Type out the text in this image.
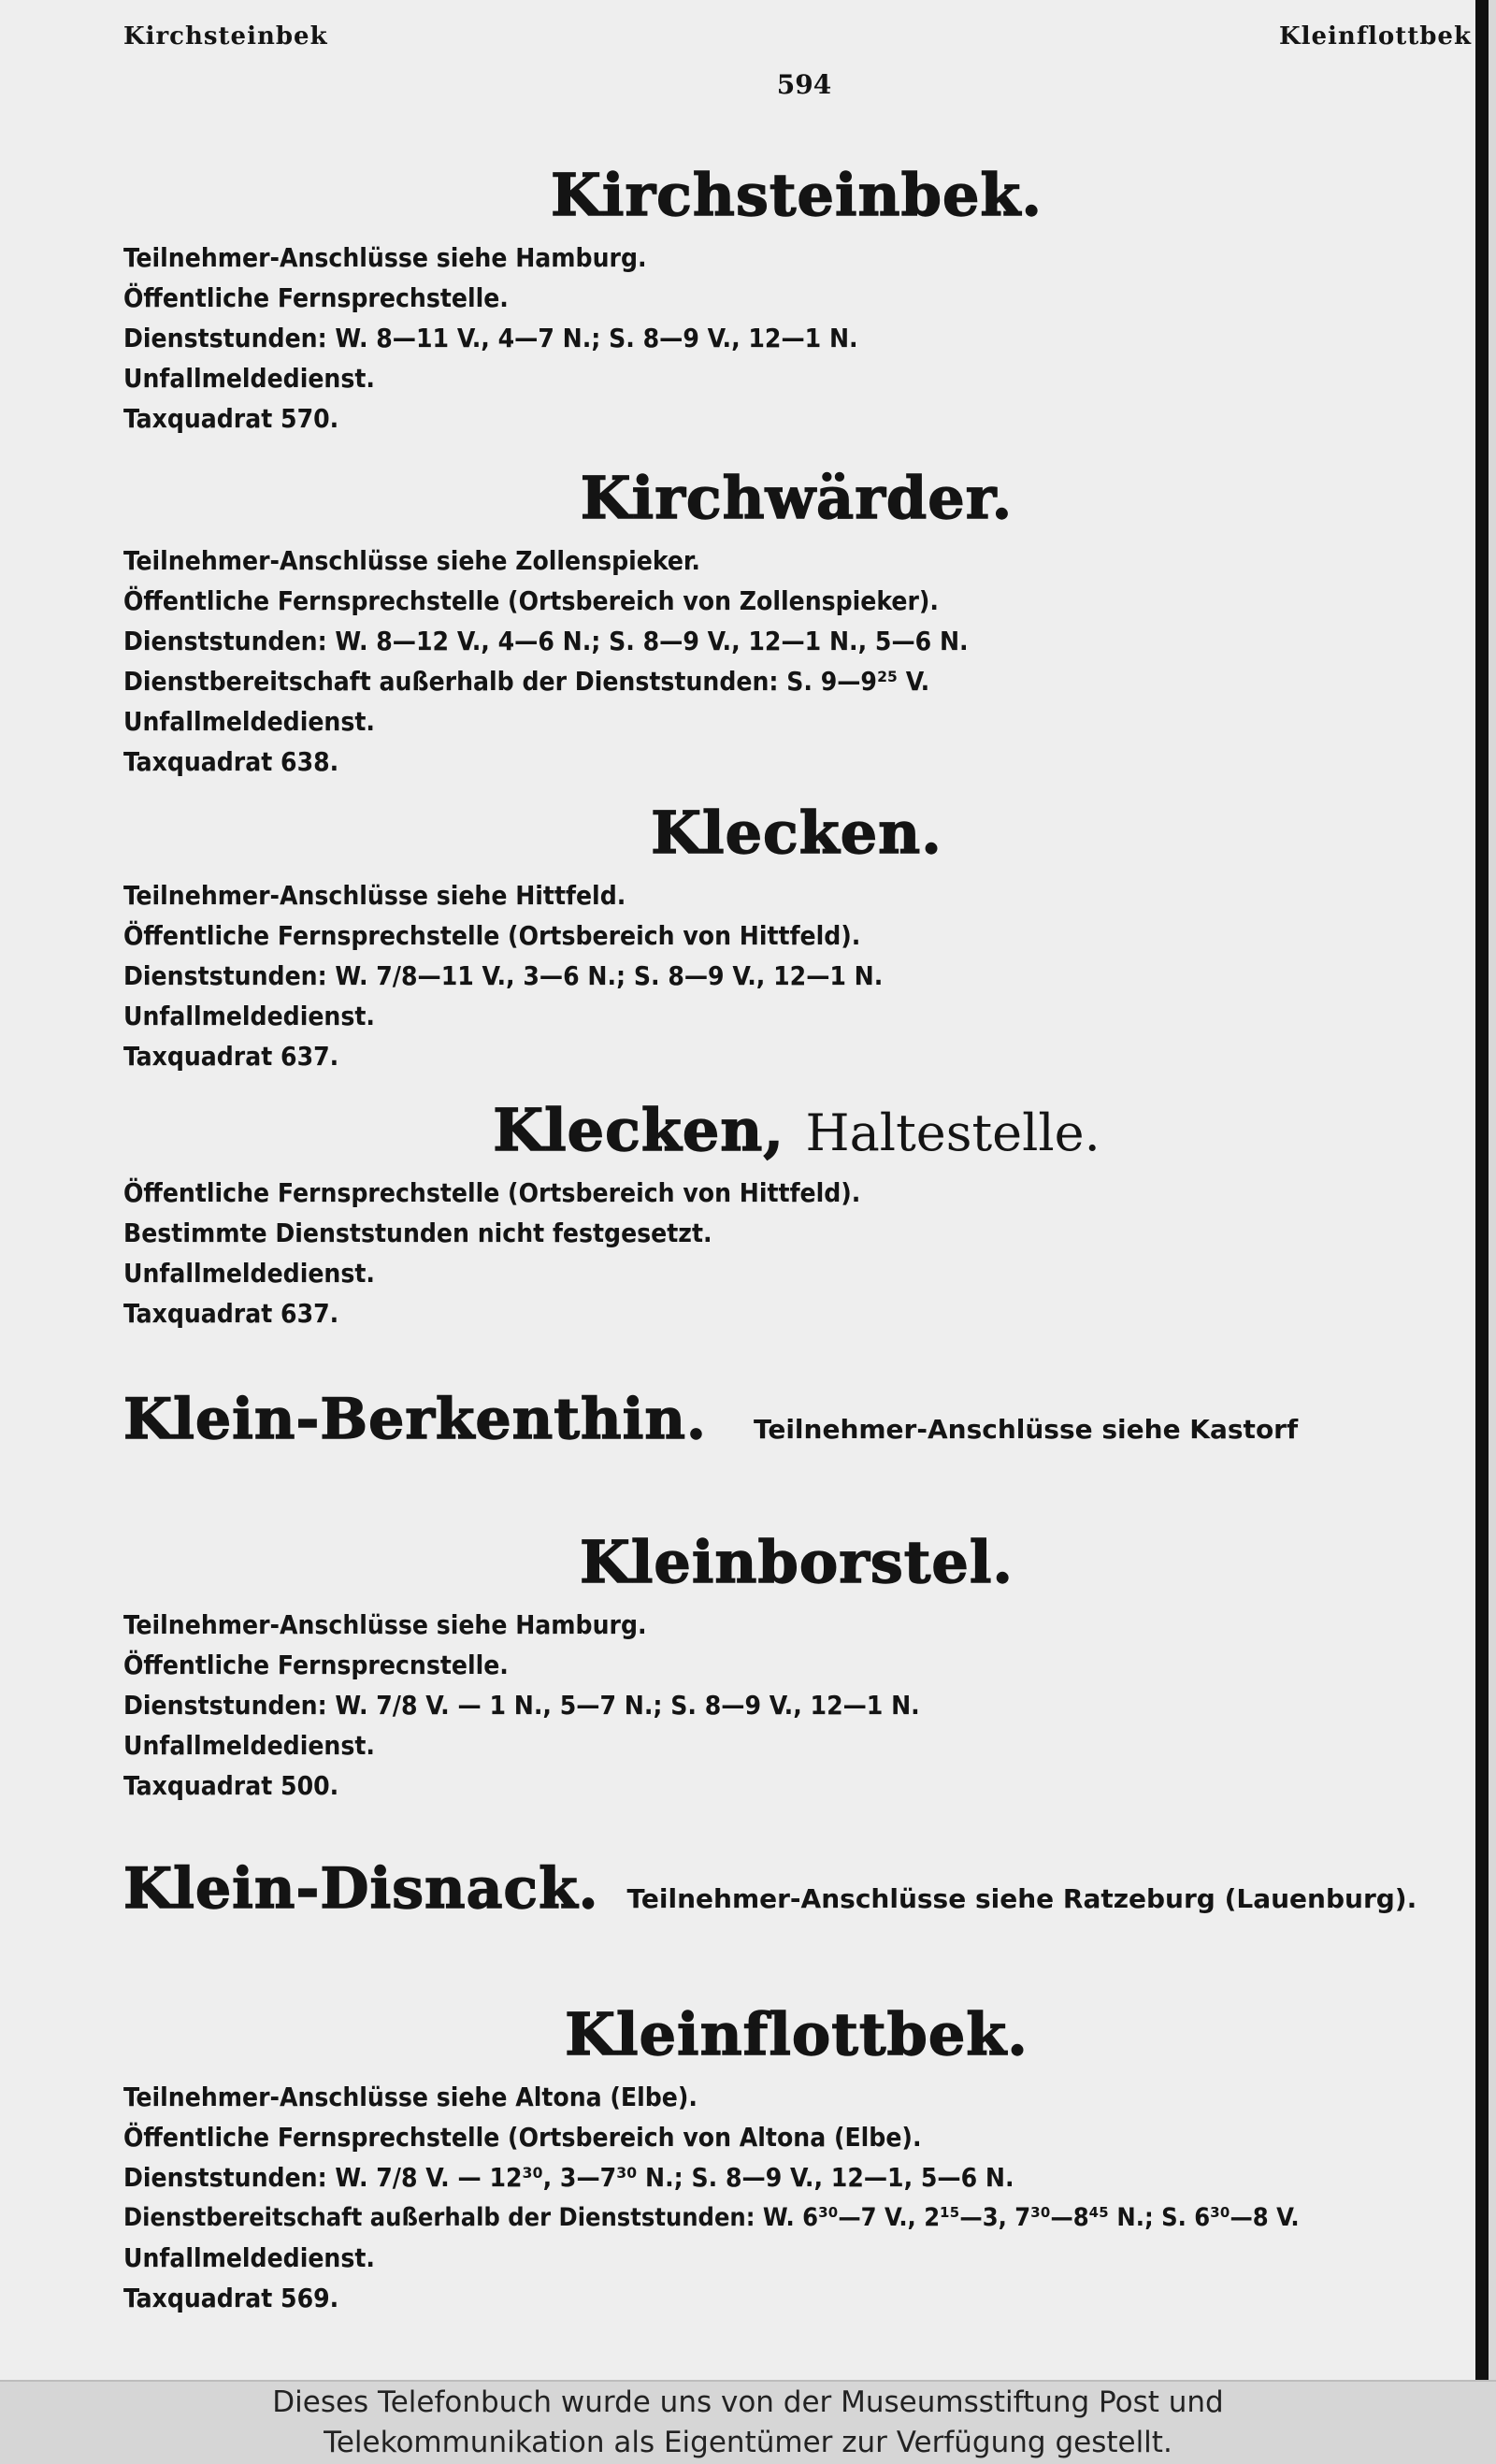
Kirchsteinbek	Kleinflottbek
594
Kirchsteinbek.
Teilnehmer-Anschlüsse siehe Hamburg.
Öffentliche Fernsprechstelle.
Dienststunden: W. 8—11 V., 4—7 N.; S. 8—9 V., 12—1 N.
Unfallmeldedienst.
Taxquadrat 570.
Kirchwärder.
Teilnehmer-Anschlüsse siehe Zollenspieker.
Öffentliche Fernsprechstelle (Ortsbereich von Zollenspieker).
Dienststunden: W. 8—12 V., 4—6 N.; S. 8—9 V., 12—1 N., 5—6 N.
Dienstbereitschaft außerhalb der Dienststunden: S. 9—9²⁵ V.
Unfallmeldedienst.
Taxquadrat 638.
Klecken.
Teilnehmer-Anschlüsse siehe Hittfeld.
Öffentliche Fernsprechstelle (Ortsbereich von Hittfeld).
Dienststunden: W. 7/8—11 V., 3—6 N.; S. 8—9 V., 12—1 N.
Unfallmeldedienst.
Taxquadrat 637.
Klecken, Haltestelle.
Öffentliche Fernsprechstelle (Ortsbereich von Hittfeld).
Bestimmte Dienststunden nicht festgesetzt.
Unfallmeldedienst.
Taxquadrat 637.
Klein-Berkenthin. Teilnehmer-Anschlüsse siehe Kastorf
Kleinborstel.
Teilnehmer-Anschlüsse siehe Hamburg.
Öffentliche Fernsprecnstelle.
Dienststunden: W. 7/8 V. — 1 N., 5—7 N.; S. 8—9 V., 12—1 N.
Unfallmeldedienst.
Taxquadrat 500.
Klein-Disnack. Teilnehmer-Anschlüsse siehe Ratzeburg (Lauenburg).
Kleinflottbek.
Teilnehmer-Anschlüsse siehe Altona (Elbe).
Öffentliche Fernsprechstelle (Ortsbereich von Altona (Elbe).
Dienststunden: W. 7/8 V. — 12³⁰, 3—7³⁰ N.; S. 8—9 V., 12—1, 5—6 N.
Dienstbereitschaft außerhalb der Dienststunden: W. 6³⁰—7 V., 2¹⁵—3, 7³⁰—8⁴⁵ N.; S. 6³⁰—8 V.
Unfallmeldedienst.
Taxquadrat 569.
Dieses Telefonbuch wurde uns von der Museumsstiftung Post und
Telekommunikation als Eigentümer zur Verfügung gestellt.
